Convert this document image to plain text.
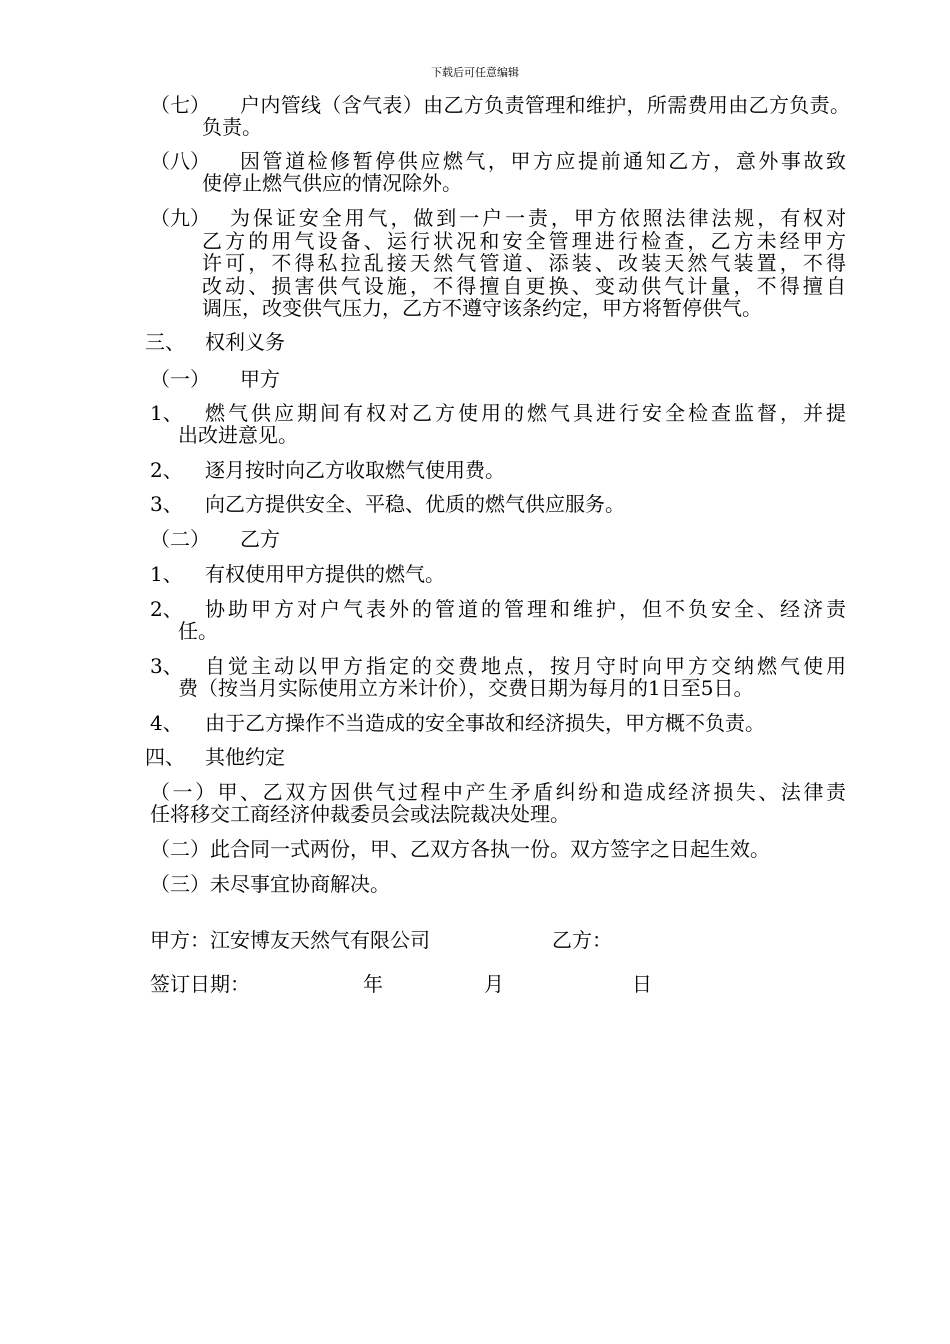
下载后可任意编辑
（七） 户内管线（含气表）由乙方负责管理和维护，所需费用由乙方负责。
负责。
（八） 因管道检修暂停供应燃气，甲方应提前通知乙方，意外事故致
使停止燃气供应的情况除外。
（九） 为保证安全用气，做到一户一责，甲方依照法律法规，有权对
乙方的用气设备、运行状况和安全管理进行检查，乙方未经甲方
许可，不得私拉乱接天然气管道、添装、改装天然气装置，不得
改动、损害供气设施，不得擅自更换、变动供气计量，不得擅自
调压，改变供气压力，乙方不遵守该条约定，甲方将暂停供气。
三、 权利义务
（一） 甲方
1、 燃气供应期间有权对乙方使用的燃气具进行安全检查监督，并提
出改进意见。
2、 逐月按时向乙方收取燃气使用费。
3、 向乙方提供安全、平稳、优质的燃气供应服务。
（二） 乙方
1、 有权使用甲方提供的燃气。
2、 协助甲方对户气表外的管道的管理和维护，但不负安全、经济责
任。
3、 自觉主动以甲方指定的交费地点，按月守时向甲方交纳燃气使用
费（按当月实际使用立方米计价），交费日期为每月的1日至5日。
4、 由于乙方操作不当造成的安全事故和经济损失，甲方概不负责。
四、 其他约定
（一）甲、乙双方因供气过程中产生矛盾纠纷和造成经济损失、法律责
任将移交工商经济仲裁委员会或法院裁决处理。
（二）此合同一式两份，甲、乙双方各执一份。双方签字之日起生效。
（三）未尽事宜协商解决。
甲方：江安博友天然气有限公司	乙方：
签订日期：	年	月	日
